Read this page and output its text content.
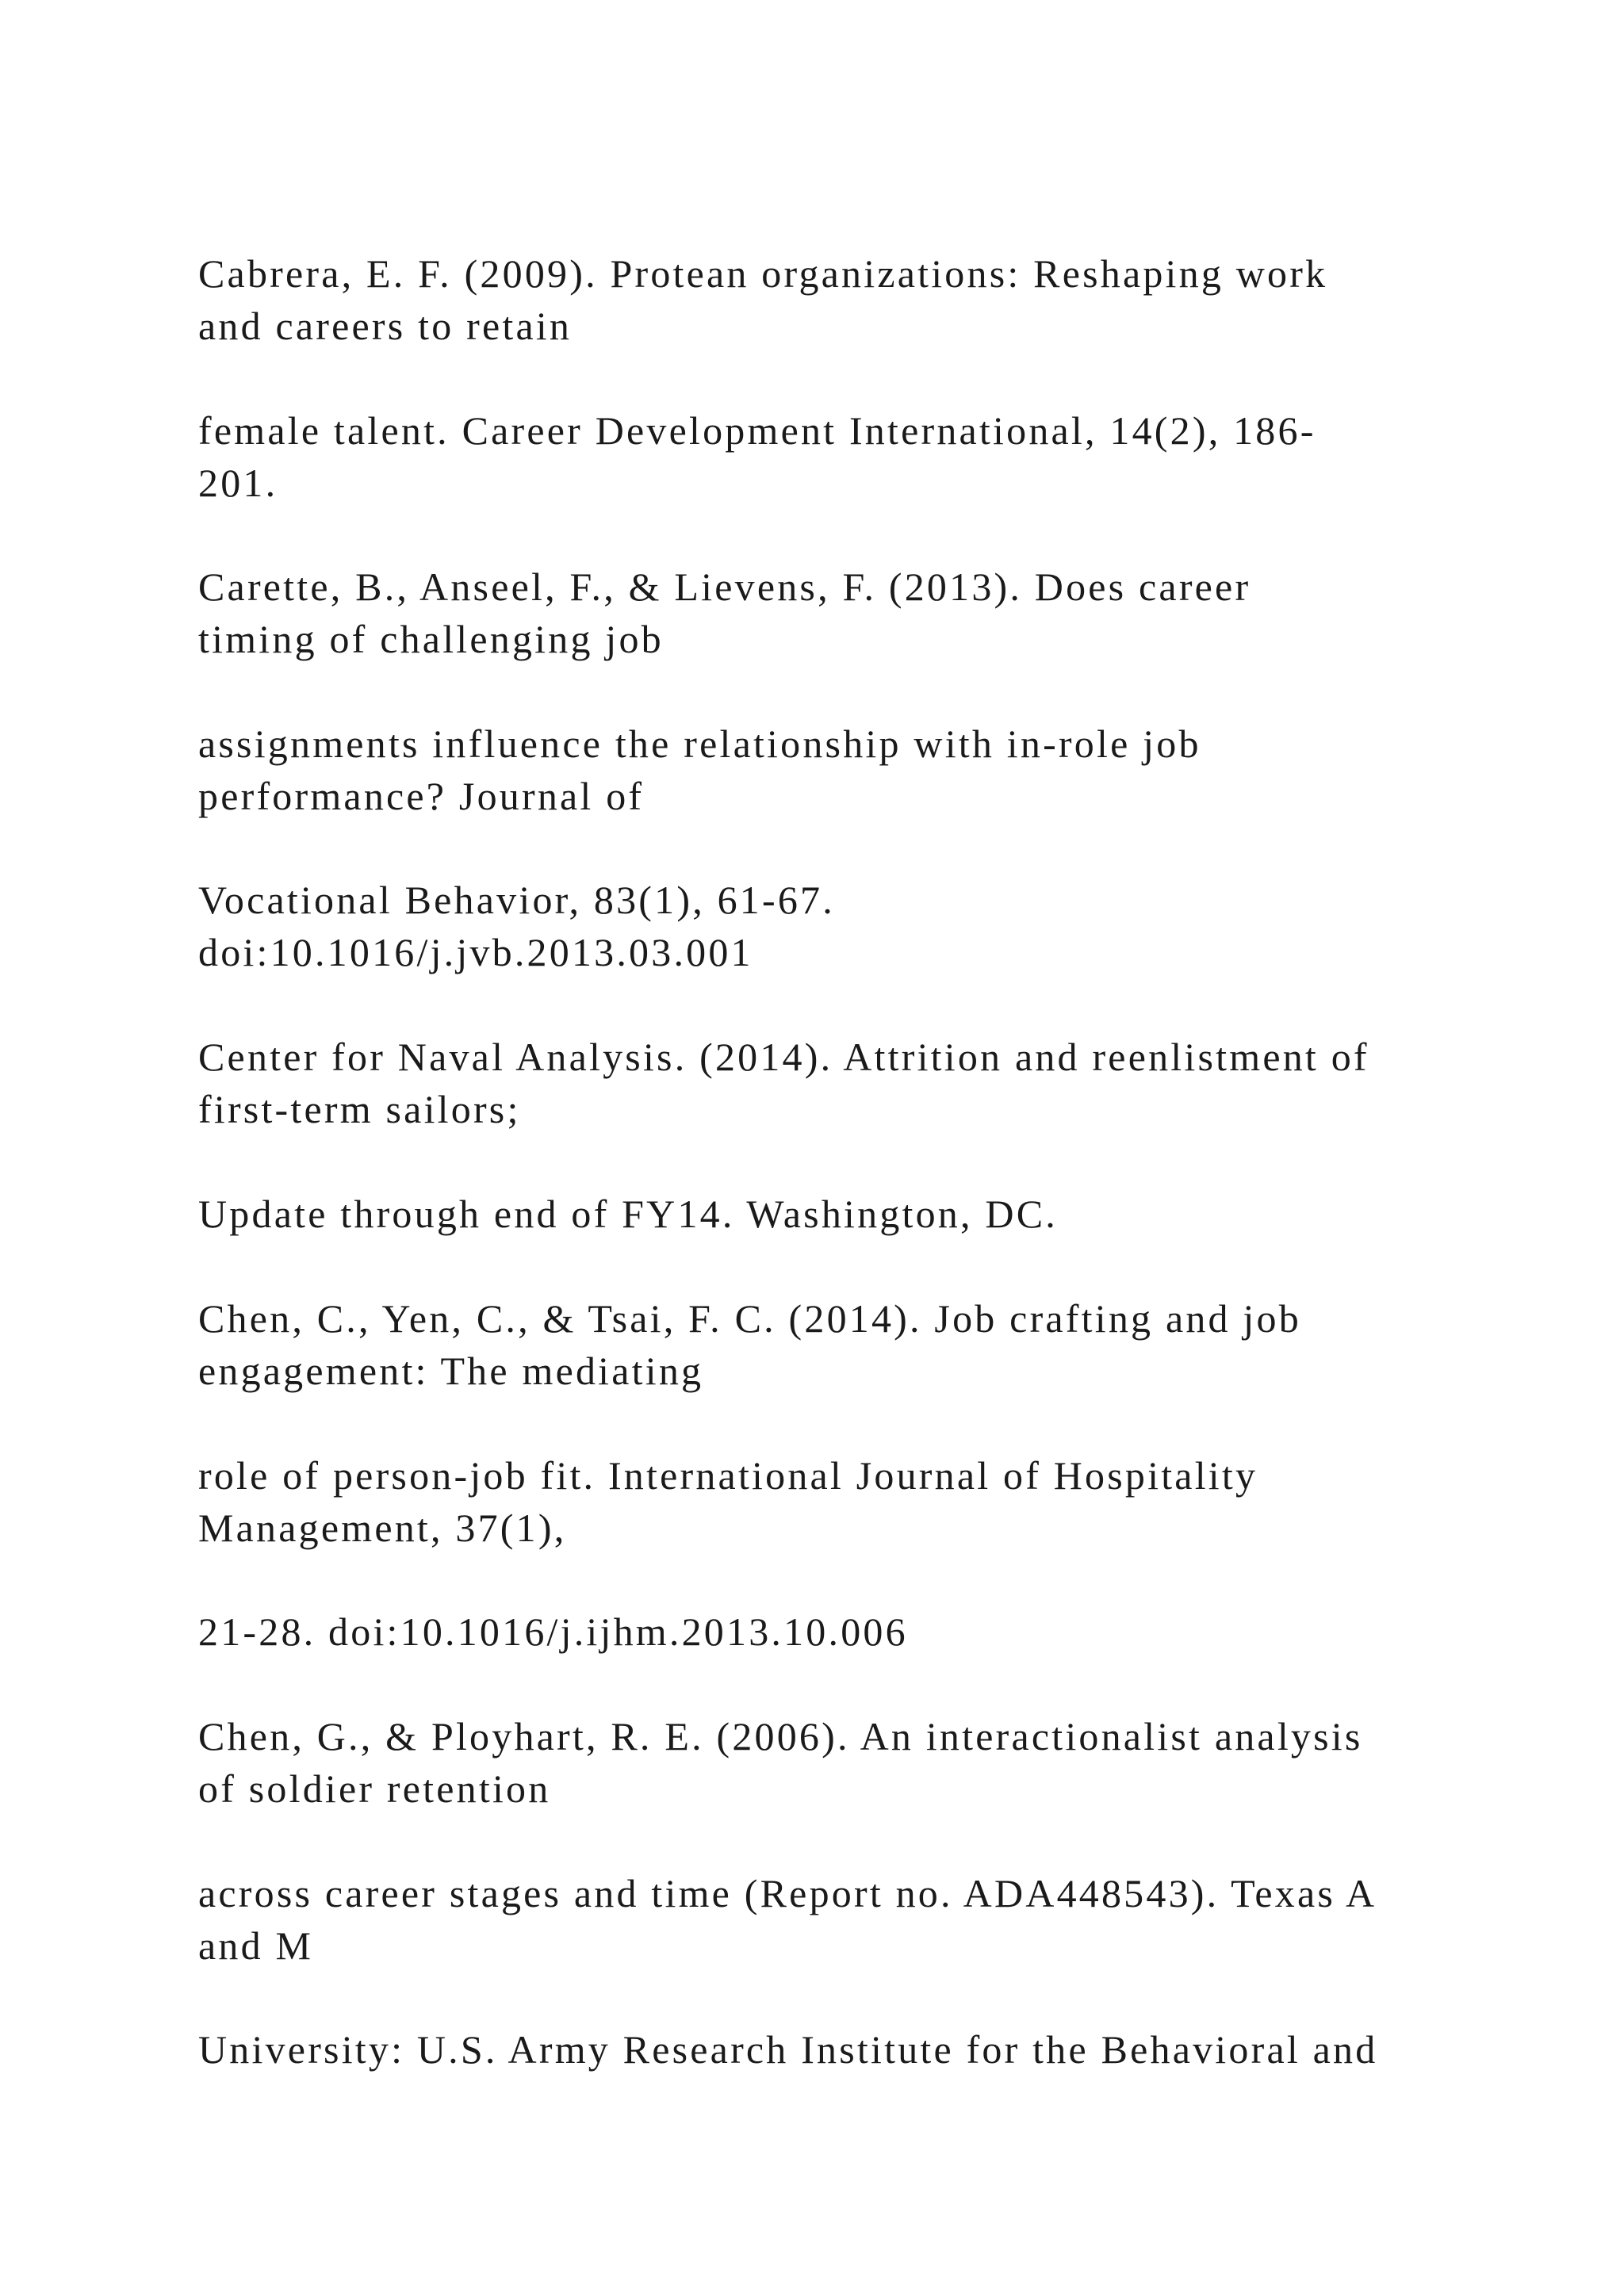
Cabrera, E. F. (2009). Protean organizations: Reshaping work
and careers to retain

female talent. Career Development International, 14(2), 186-
201.

Carette, B., Anseel, F., & Lievens, F. (2013). Does career
timing of challenging job

assignments influence the relationship with in-role job
performance? Journal of

Vocational Behavior, 83(1), 61-67.
doi:10.1016/j.jvb.2013.03.001

Center for Naval Analysis. (2014). Attrition and reenlistment of
first-term sailors;

Update through end of FY14. Washington, DC.

Chen, C., Yen, C., & Tsai, F. C. (2014). Job crafting and job
engagement: The mediating

role of person-job fit. International Journal of Hospitality
Management, 37(1),

21-28. doi:10.1016/j.ijhm.2013.10.006

Chen, G., & Ployhart, R. E. (2006). An interactionalist analysis
of soldier retention

across career stages and time (Report no. ADA448543). Texas A
and M

University: U.S. Army Research Institute for the Behavioral and
